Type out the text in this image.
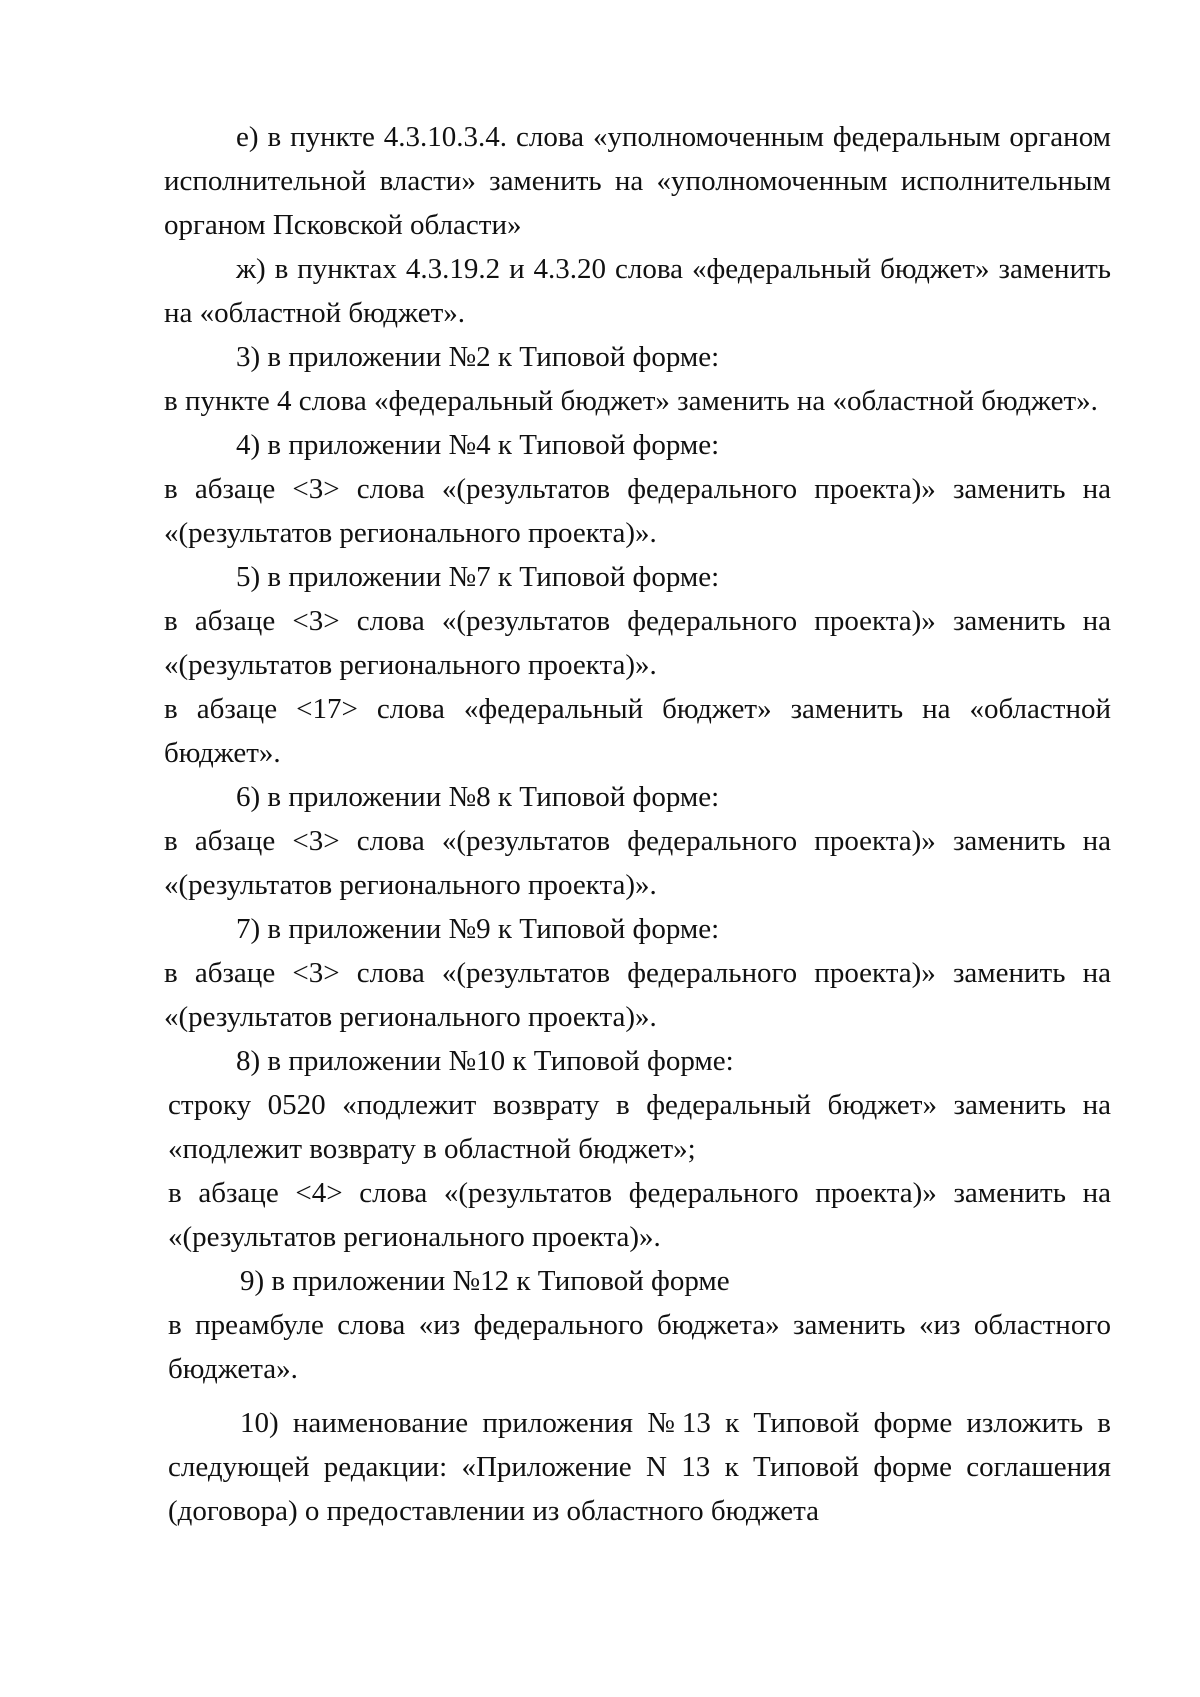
е) в пункте 4.3.10.3.4. слова «уполномоченным федеральным органом исполнительной власти» заменить на «уполномоченным исполнительным органом Псковской области»

ж) в пунктах 4.3.19.2 и 4.3.20 слова «федеральный бюджет» заменить на «областной бюджет».

3) в приложении №2 к Типовой форме:

в пункте 4 слова «федеральный бюджет» заменить на «областной бюджет».

4) в приложении №4 к Типовой форме:

в абзаце <3> слова «(результатов федерального проекта)» заменить на «(результатов регионального проекта)».

5) в приложении №7 к Типовой форме:

в абзаце <3> слова «(результатов федерального проекта)» заменить на «(результатов регионального проекта)».

в абзаце <17> слова «федеральный бюджет» заменить на «областной бюджет».

6) в приложении №8 к Типовой форме:

в абзаце <3> слова «(результатов федерального проекта)» заменить на «(результатов регионального проекта)».

7) в приложении №9 к Типовой форме:

в абзаце <3> слова «(результатов федерального проекта)» заменить на «(результатов регионального проекта)».

8) в приложении №10 к Типовой форме:

строку 0520 «подлежит возврату в федеральный бюджет» заменить на «подлежит возврату в областной бюджет»;

в абзаце <4> слова «(результатов федерального проекта)» заменить на «(результатов регионального проекта)».

9) в приложении №12 к Типовой форме

в преамбуле слова «из федерального бюджета» заменить «из областного бюджета».

10) наименование приложения №13 к Типовой форме изложить в следующей редакции: «Приложение N 13 к Типовой форме соглашения (договора) о предоставлении из областного бюджета
